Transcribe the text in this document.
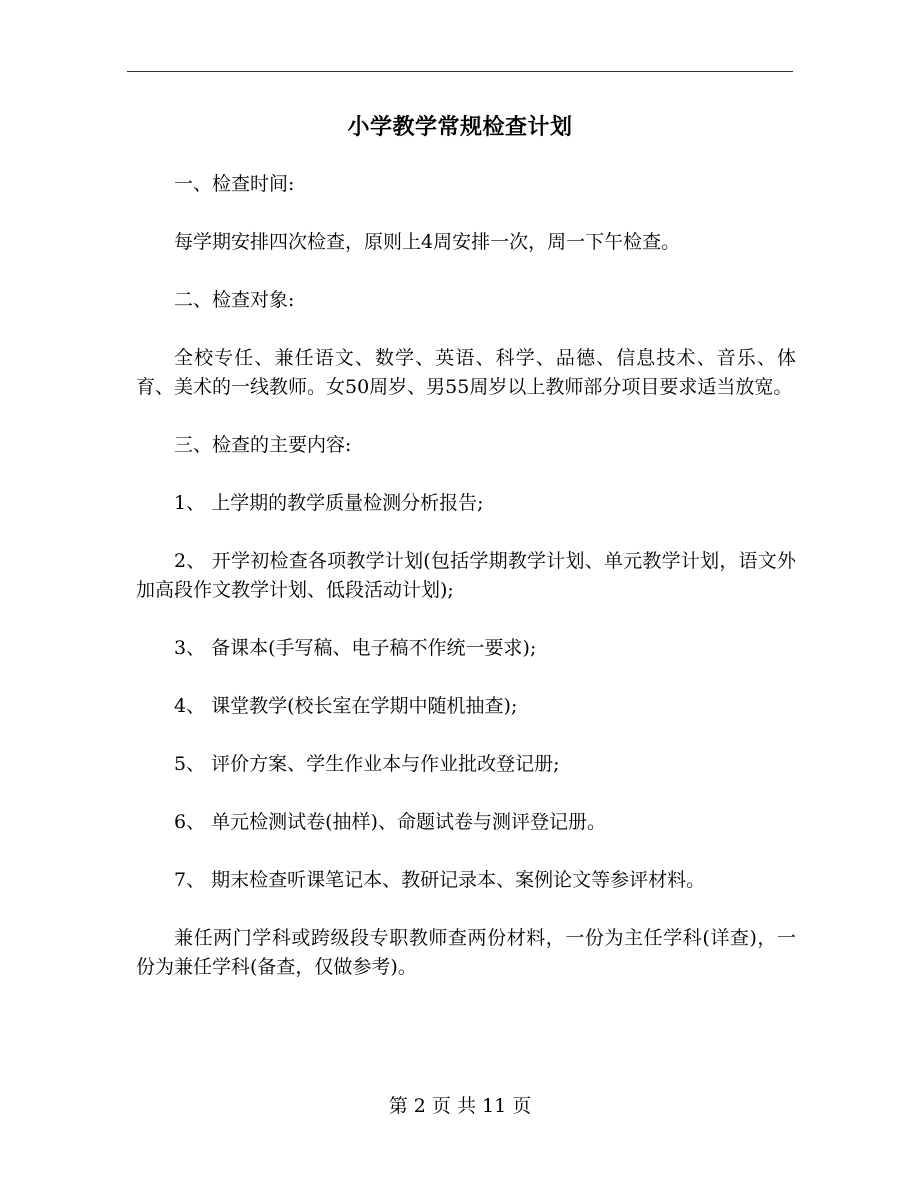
小学教学常规检查计划

一、检查时间:

每学期安排四次检查，原则上4周安排一次，周一下午检查。

二、检查对象:

全校专任、兼任语文、数学、英语、科学、品德、信息技术、音乐、体育、美术的一线教师。女50周岁、男55周岁以上教师部分项目要求适当放宽。

三、检查的主要内容:

1、 上学期的教学质量检测分析报告;

2、 开学初检查各项教学计划(包括学期教学计划、单元教学计划，语文外加高段作文教学计划、低段活动计划);

3、 备课本(手写稿、电子稿不作统一要求);

4、 课堂教学(校长室在学期中随机抽查);

5、 评价方案、学生作业本与作业批改登记册;

6、 单元检测试卷(抽样)、命题试卷与测评登记册。

7、 期末检查听课笔记本、教研记录本、案例论文等参评材料。

兼任两门学科或跨级段专职教师查两份材料，一份为主任学科(详查)，一份为兼任学科(备查，仅做参考)。

第 2 页 共 11 页
